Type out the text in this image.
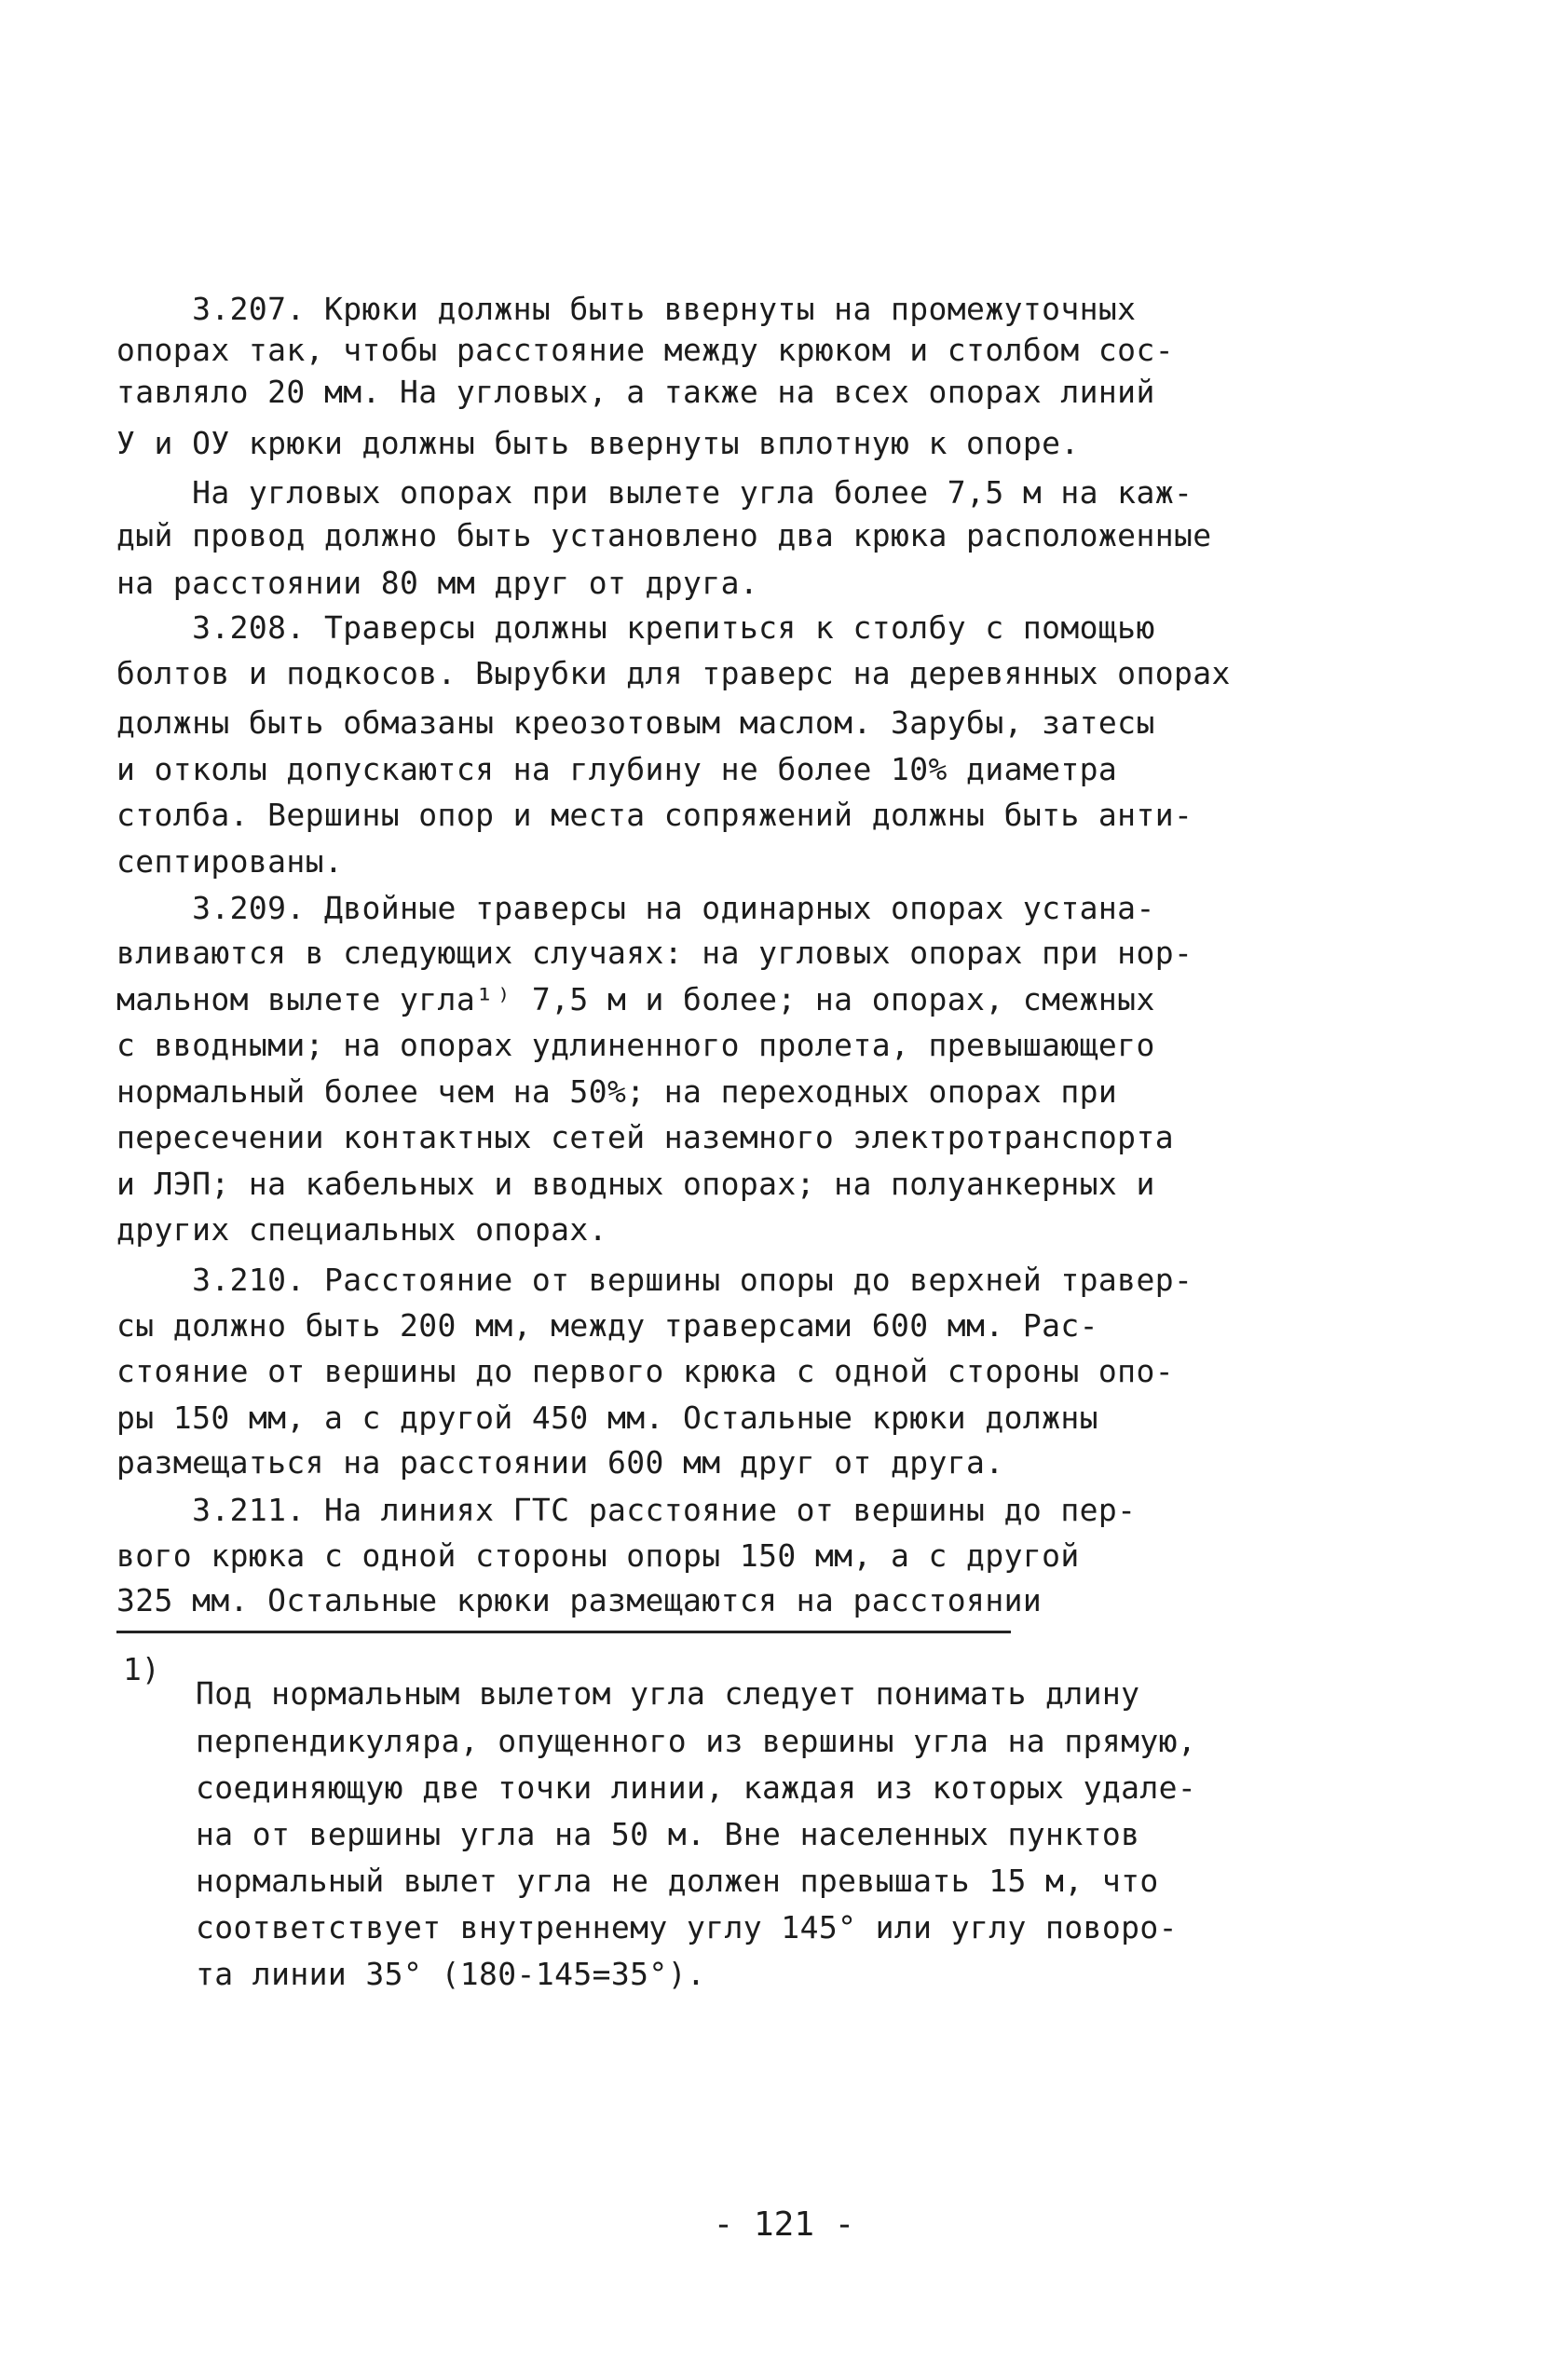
3.207. Крюки должны быть ввернуты на промежуточных
опорах так, чтобы расстояние между крюком и столбом сос-
тавляло 20 мм. На угловых, а также на всех опорах линий
У и ОУ крюки должны быть ввернуты вплотную к опоре.
На угловых опорах при вылете угла более 7,5 м на каж-
дый провод должно быть установлено два крюка расположенные
на расстоянии 80 мм друг от друга.
3.208. Траверсы должны крепиться к столбу с помощью
болтов и подкосов. Вырубки для траверс на деревянных опорах
должны быть обмазаны креозотовым маслом. Зарубы, затесы
и отколы допускаются на глубину не более 10% диаметра
столба. Вершины опор и места сопряжений должны быть анти-
септированы.
3.209. Двойные траверсы на одинарных опорах устана-
вливаются в следующих случаях: на угловых опорах при нор-
мальном вылете угла¹⁾ 7,5 м и более; на опорах, смежных
с вводными; на опорах удлиненного пролета, превышающего
нормальный более чем на 50%; на переходных опорах при
пересечении контактных сетей наземного электротранспорта
и ЛЭП; на кабельных и вводных опорах; на полуанкерных и
других специальных опорах.
3.210. Расстояние от вершины опоры до верхней травер-
сы должно быть 200 мм, между траверсами 600 мм. Рас-
стояние от вершины до первого крюка с одной стороны опо-
ры 150 мм, а с другой 450 мм. Остальные крюки должны
размещаться на расстоянии 600 мм друг от друга.
3.211. На линиях ГТС расстояние от вершины до пер-
вого крюка с одной стороны опоры 150 мм, а с другой
325 мм. Остальные крюки размещаются на расстоянии
1)
Под нормальным вылетом угла следует понимать длину
перпендикуляра, опущенного из вершины угла на прямую,
соединяющую две точки линии, каждая из которых удале-
на от вершины угла на 50 м. Вне населенных пунктов
нормальный вылет угла не должен превышать 15 м, что
соответствует внутреннему углу 145° или углу поворо-
та линии 35° (180-145=35°).
- 121 -
